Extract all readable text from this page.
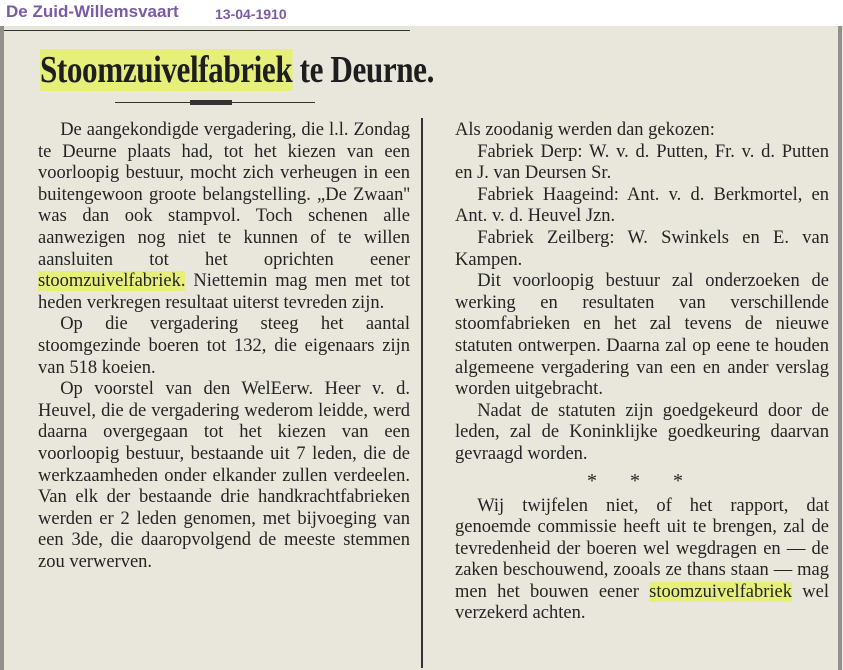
De Zuid-Willemsvaart	13-04-1910
Stoomzuivelfabriek te Deurne.

De aangekondigde vergadering, die l.l. Zondag te Deurne plaats had, tot het kiezen van een voorloopig bestuur, mocht zich verheugen in een buitengewoon groote belangstelling. „De Zwaan'' was dan ook stampvol. Toch schenen alle aanwezigen nog niet te kunnen of te willen aansluiten tot het oprichten eener stoomzuivelfabriek. Niettemin mag men met tot heden verkregen resultaat uiterst tevreden zijn.

Op die vergadering steeg het aantal stoomgezinde boeren tot 132, die eigenaars zijn van 518 koeien.

Op voorstel van den WelEerw. Heer v. d. Heuvel, die de vergadering wederom leidde, werd daarna overgegaan tot het kiezen van een voorloopig bestuur, bestaande uit 7 leden, die de werkzaamheden onder elkander zullen verdeelen. Van elk der bestaande drie handkrachtfabrieken werden er 2 leden genomen, met bijvoeging van een 3de, die daaropvolgend de meeste stemmen zou verwerven.

Als zoodanig werden dan gekozen:

Fabriek Derp: W. v. d. Putten, Fr. v. d. Putten en J. van Deursen Sr.

Fabriek Haageind: Ant. v. d. Berkmortel, en Ant. v. d. Heuvel Jzn.

Fabriek Zeilberg: W. Swinkels en E. van Kampen.

Dit voorloopig bestuur zal onderzoeken de werking en resultaten van verschillende stoomfabrieken en het zal tevens de nieuwe statuten ontwerpen. Daarna zal op eene te houden algemeene vergadering van een en ander verslag worden uitgebracht.

Nadat de statuten zijn goedgekeurd door de leden, zal de Koninklijke goedkeuring daarvan gevraagd worden.

* * *

Wij twijfelen niet, of het rapport, dat genoemde commissie heeft uit te brengen, zal de tevredenheid der boeren wel wegdragen en — de zaken beschouwend, zooals ze thans staan — mag men het bouwen eener stoomzuivelfabriek wel verzekerd achten.
